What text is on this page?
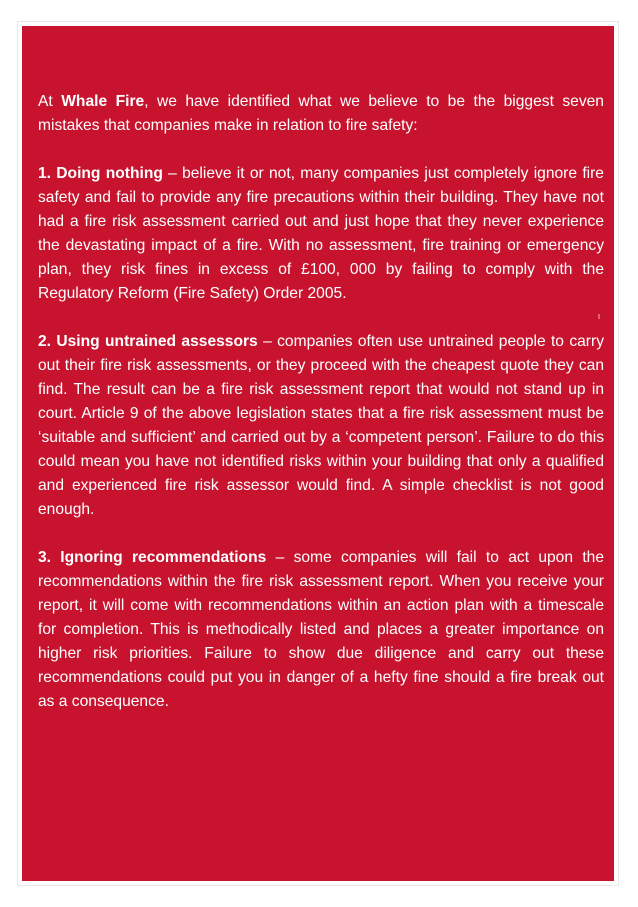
At Whale Fire, we have identified what we believe to be the biggest seven mistakes that companies make in relation to fire safety:

1. Doing nothing – believe it or not, many companies just completely ignore fire safety and fail to provide any fire precautions within their building. They have not had a fire risk assessment carried out and just hope that they never experience the devastating impact of a fire. With no assessment, fire training or emergency plan, they risk fines in excess of £100, 000 by failing to comply with the Regulatory Reform (Fire Safety) Order 2005.

2. Using untrained assessors – companies often use untrained people to carry out their fire risk assessments, or they proceed with the cheapest quote they can find. The result can be a fire risk assessment report that would not stand up in court. Article 9 of the above legislation states that a fire risk assessment must be ‘suitable and sufficient’ and carried out by a ‘competent person’. Failure to do this could mean you have not identified risks within your building that only a qualified and experienced fire risk assessor would find. A simple checklist is not good enough.

3. Ignoring recommendations – some companies will fail to act upon the recommendations within the fire risk assessment report. When you receive your report, it will come with recommendations within an action plan with a timescale for completion. This is methodically listed and places a greater importance on higher risk priorities. Failure to show due diligence and carry out these recommendations could put you in danger of a hefty fine should a fire break out as a consequence.
